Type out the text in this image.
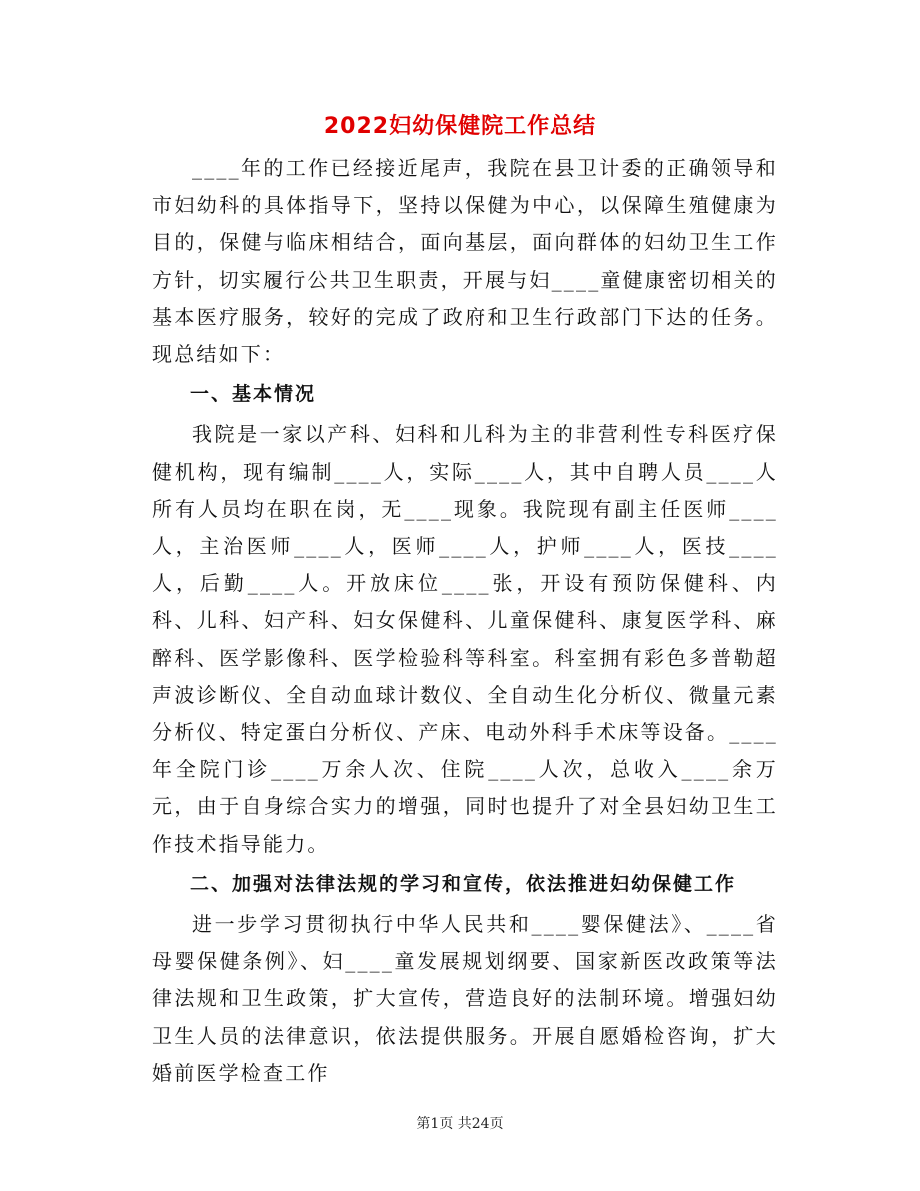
2022妇幼保健院工作总结

____年的工作已经接近尾声，我院在县卫计委的正确领导和市妇幼科的具体指导下，坚持以保健为中心，以保障生殖健康为目的，保健与临床相结合，面向基层，面向群体的妇幼卫生工作方针，切实履行公共卫生职责，开展与妇____童健康密切相关的基本医疗服务，较好的完成了政府和卫生行政部门下达的任务。现总结如下：

一、基本情况

我院是一家以产科、妇科和儿科为主的非营利性专科医疗保健机构，现有编制____人，实际____人，其中自聘人员____人所有人员均在职在岗，无____现象。我院现有副主任医师____人，主治医师____人，医师____人，护师____人，医技____人，后勤____人。开放床位____张，开设有预防保健科、内科、儿科、妇产科、妇女保健科、儿童保健科、康复医学科、麻醉科、医学影像科、医学检验科等科室。科室拥有彩色多普勒超声波诊断仪、全自动血球计数仪、全自动生化分析仪、微量元素分析仪、特定蛋白分析仪、产床、电动外科手术床等设备。____年全院门诊____万余人次、住院____人次，总收入____余万元，由于自身综合实力的增强，同时也提升了对全县妇幼卫生工作技术指导能力。

二、加强对法律法规的学习和宣传，依法推进妇幼保健工作

进一步学习贯彻执行中华人民共和____婴保健法》、____省母婴保健条例》、妇____童发展规划纲要、国家新医改政策等法律法规和卫生政策，扩大宣传，营造良好的法制环境。增强妇幼卫生人员的法律意识，依法提供服务。开展自愿婚检咨询，扩大婚前医学检查工作

第1页 共24页
